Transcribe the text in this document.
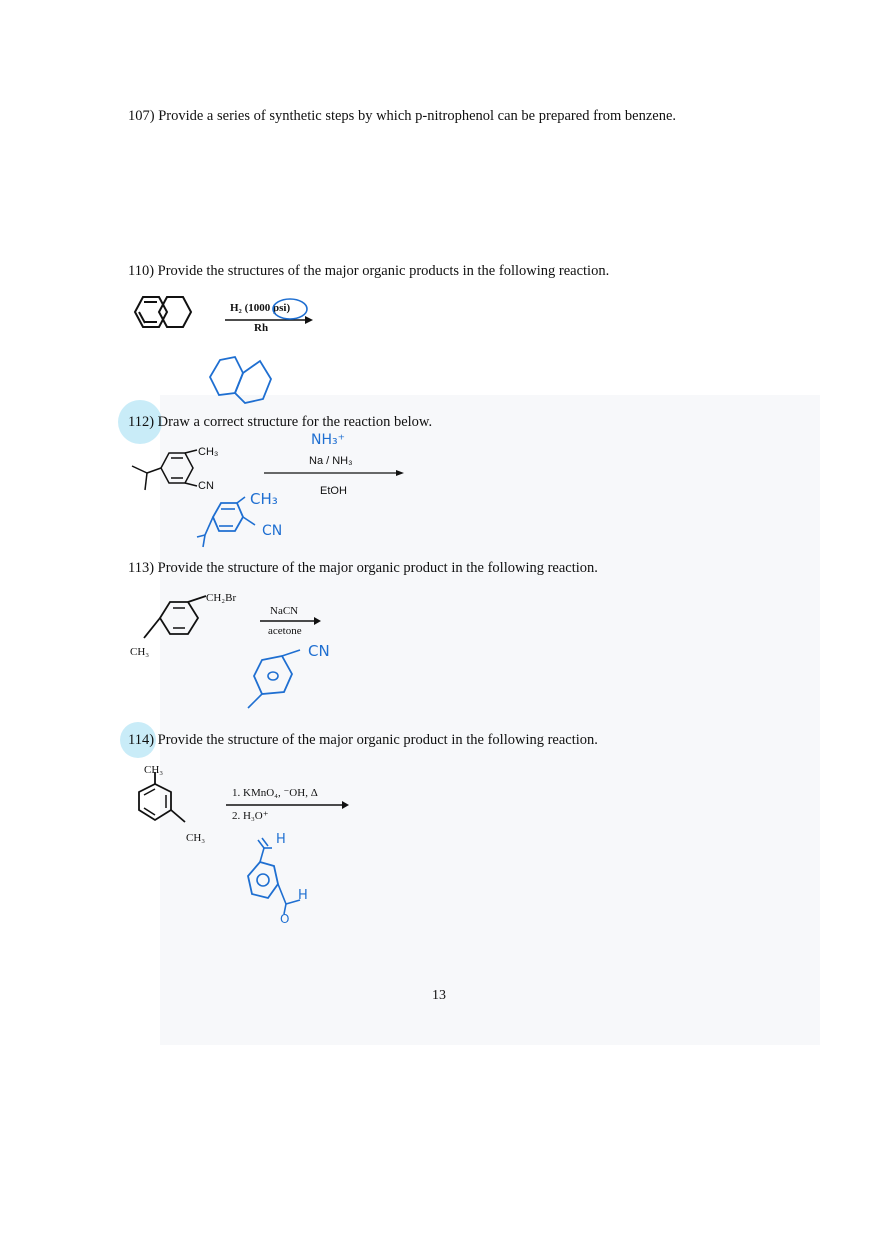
107) Provide a series of synthetic steps by which p-nitrophenol can be prepared from benzene.
110) Provide the structures of the major organic products in the following reaction.
H₂ (1000 psi)
Rh
112) Draw a correct structure for the reaction below.
CH₃
CN
Na / NH₃
EtOH
NH₃⁺
CH₃
CN
113) Provide the structure of the major organic product in the following reaction.
CH₂Br
CH₃
NaCN
acetone
CN
114) Provide the structure of the major organic product in the following reaction.
CH₃
CH₃
1. KMnO₄, ⁻OH, Δ
2. H₃O⁺
H
H
O
13
